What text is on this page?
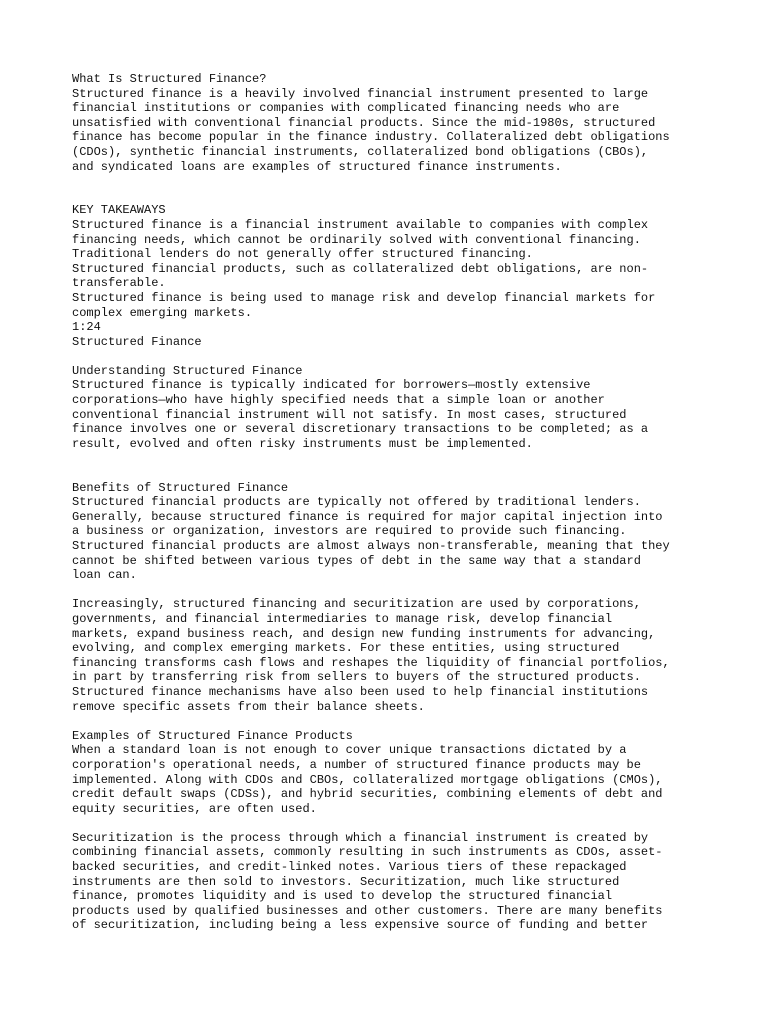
What Is Structured Finance?
Structured finance is a heavily involved financial instrument presented to large
financial institutions or companies with complicated financing needs who are
unsatisfied with conventional financial products. Since the mid-1980s, structured
finance has become popular in the finance industry. Collateralized debt obligations
(CDOs), synthetic financial instruments, collateralized bond obligations (CBOs),
and syndicated loans are examples of structured finance instruments.
KEY TAKEAWAYS
Structured finance is a financial instrument available to companies with complex
financing needs, which cannot be ordinarily solved with conventional financing.
Traditional lenders do not generally offer structured financing.
Structured financial products, such as collateralized debt obligations, are non-
transferable.
Structured finance is being used to manage risk and develop financial markets for
complex emerging markets.
1:24
Structured Finance
Understanding Structured Finance
Structured finance is typically indicated for borrowers—mostly extensive
corporations—who have highly specified needs that a simple loan or another
conventional financial instrument will not satisfy. In most cases, structured
finance involves one or several discretionary transactions to be completed; as a
result, evolved and often risky instruments must be implemented.
Benefits of Structured Finance
Structured financial products are typically not offered by traditional lenders.
Generally, because structured finance is required for major capital injection into
a business or organization, investors are required to provide such financing.
Structured financial products are almost always non-transferable, meaning that they
cannot be shifted between various types of debt in the same way that a standard
loan can.
Increasingly, structured financing and securitization are used by corporations,
governments, and financial intermediaries to manage risk, develop financial
markets, expand business reach, and design new funding instruments for advancing,
evolving, and complex emerging markets. For these entities, using structured
financing transforms cash flows and reshapes the liquidity of financial portfolios,
in part by transferring risk from sellers to buyers of the structured products.
Structured finance mechanisms have also been used to help financial institutions
remove specific assets from their balance sheets.
Examples of Structured Finance Products
When a standard loan is not enough to cover unique transactions dictated by a
corporation's operational needs, a number of structured finance products may be
implemented. Along with CDOs and CBOs, collateralized mortgage obligations (CMOs),
credit default swaps (CDSs), and hybrid securities, combining elements of debt and
equity securities, are often used.
Securitization is the process through which a financial instrument is created by
combining financial assets, commonly resulting in such instruments as CDOs, asset-
backed securities, and credit-linked notes. Various tiers of these repackaged
instruments are then sold to investors. Securitization, much like structured
finance, promotes liquidity and is used to develop the structured financial
products used by qualified businesses and other customers. There are many benefits
of securitization, including being a less expensive source of funding and better
